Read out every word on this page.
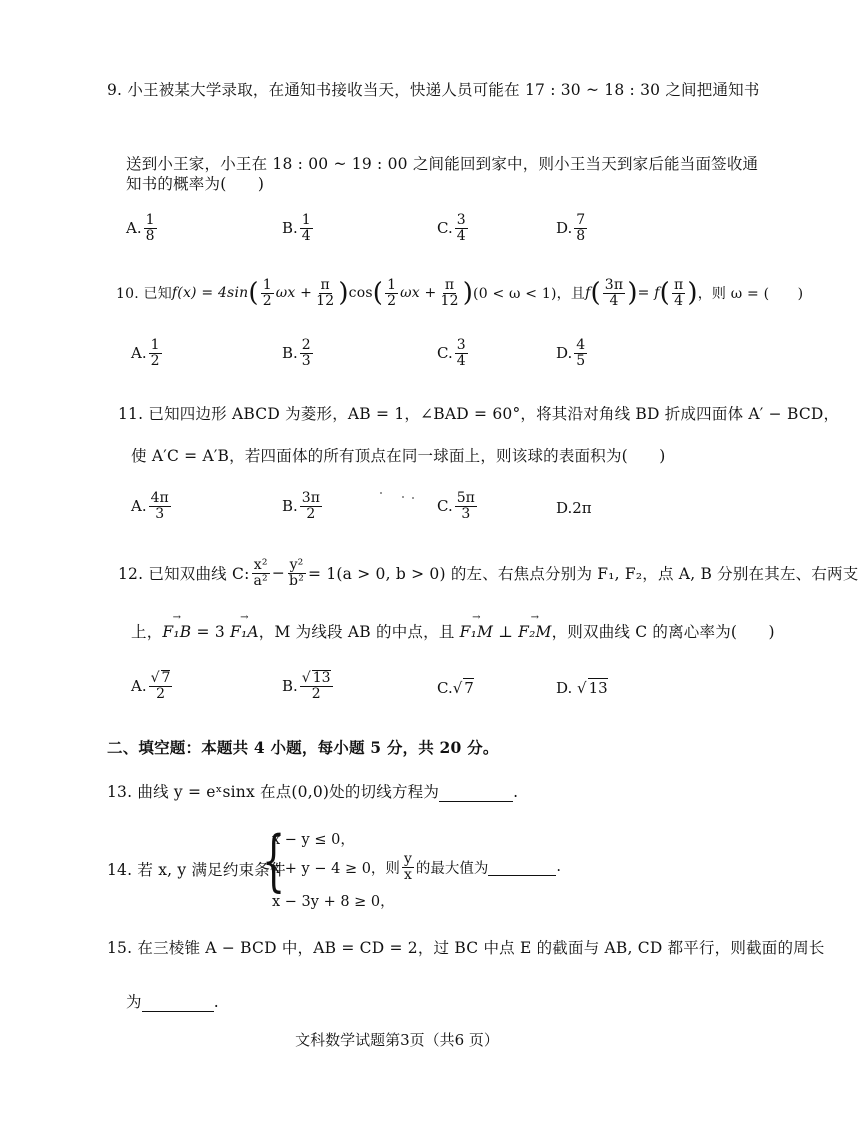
9. 小王被某大学录取，在通知书接收当天，快递人员可能在 17 : 30 ~ 18 : 30 之间把通知书
送到小王家，小王在 18 : 00 ~ 19 : 00 之间能回到家中，则小王当天到家后能当面签收通
知书的概率为(　　)
A. $\frac{1}{8}$	B. $\frac{1}{4}$	C. $\frac{3}{4}$	D. $\frac{7}{8}$
10. 已知 f(x) = 4sin ( $\frac{1}{2}$ $\omega x + \frac{\pi}{12}$ ) cos ( $\frac{1}{2}$ $\omega x + \frac{\pi}{12}$ ) (0 < ω < 1)，且 f ( $\frac{3\pi}{4}$ ) = f ( $\frac{\pi}{4}$ ) ，则 ω = (　　)
A. $\frac{1}{2}$	B. $\frac{2}{3}$	C. $\frac{3}{4}$	D. $\frac{4}{5}$
11. 已知四边形 ABCD 为菱形，AB = 1，∠BAD = 60°，将其沿对角线 BD 折成四面体 A′ − BCD，
使 A′C = A′B，若四面体的所有顶点在同一球面上，则该球的表面积为(　　)
A. $\frac{4\pi}{3}$	B. $\frac{3\pi}{2}$	C. $\frac{5\pi}{3}$	D. 2π
12. 已知双曲线 C: $\frac{\text{x²}}{\text{a²}} - \frac{\text{y²}}{\text{b²}} = 1(a > 0$, b > 0) 的左、右焦点分别为 F₁, F₂，点 A, B 分别在其左、右两支
上，→ F₁B = 3 → F₁A，M 为线段 AB 的中点，且 → F₁M ⊥ → F₂M，则双曲线 C 的离心率为(　　)
A. $\frac{√ 7}{2}$	B. $\frac{√ 13}{2}$	C. √ 7	D. √ 13
二、填空题：本题共 4 小题，每小题 5 分，共 20 分。
13. 曲线 y = eˣsinx 在点(0,0)处的切线方程为	.
14. 若 x, y 满足约束条件
{
x − y ≤ 0，
x + y − 4 ≥ 0，则 $\frac{y}{x}$ 的最大值为	.
x − 3y + 8 ≥ 0，
15. 在三棱锥 A − BCD 中，AB = CD = 2，过 BC 中点 E 的截面与 AB, CD 都平行，则截面的周长
为	.
文科数学试题第3页（共6 页）
